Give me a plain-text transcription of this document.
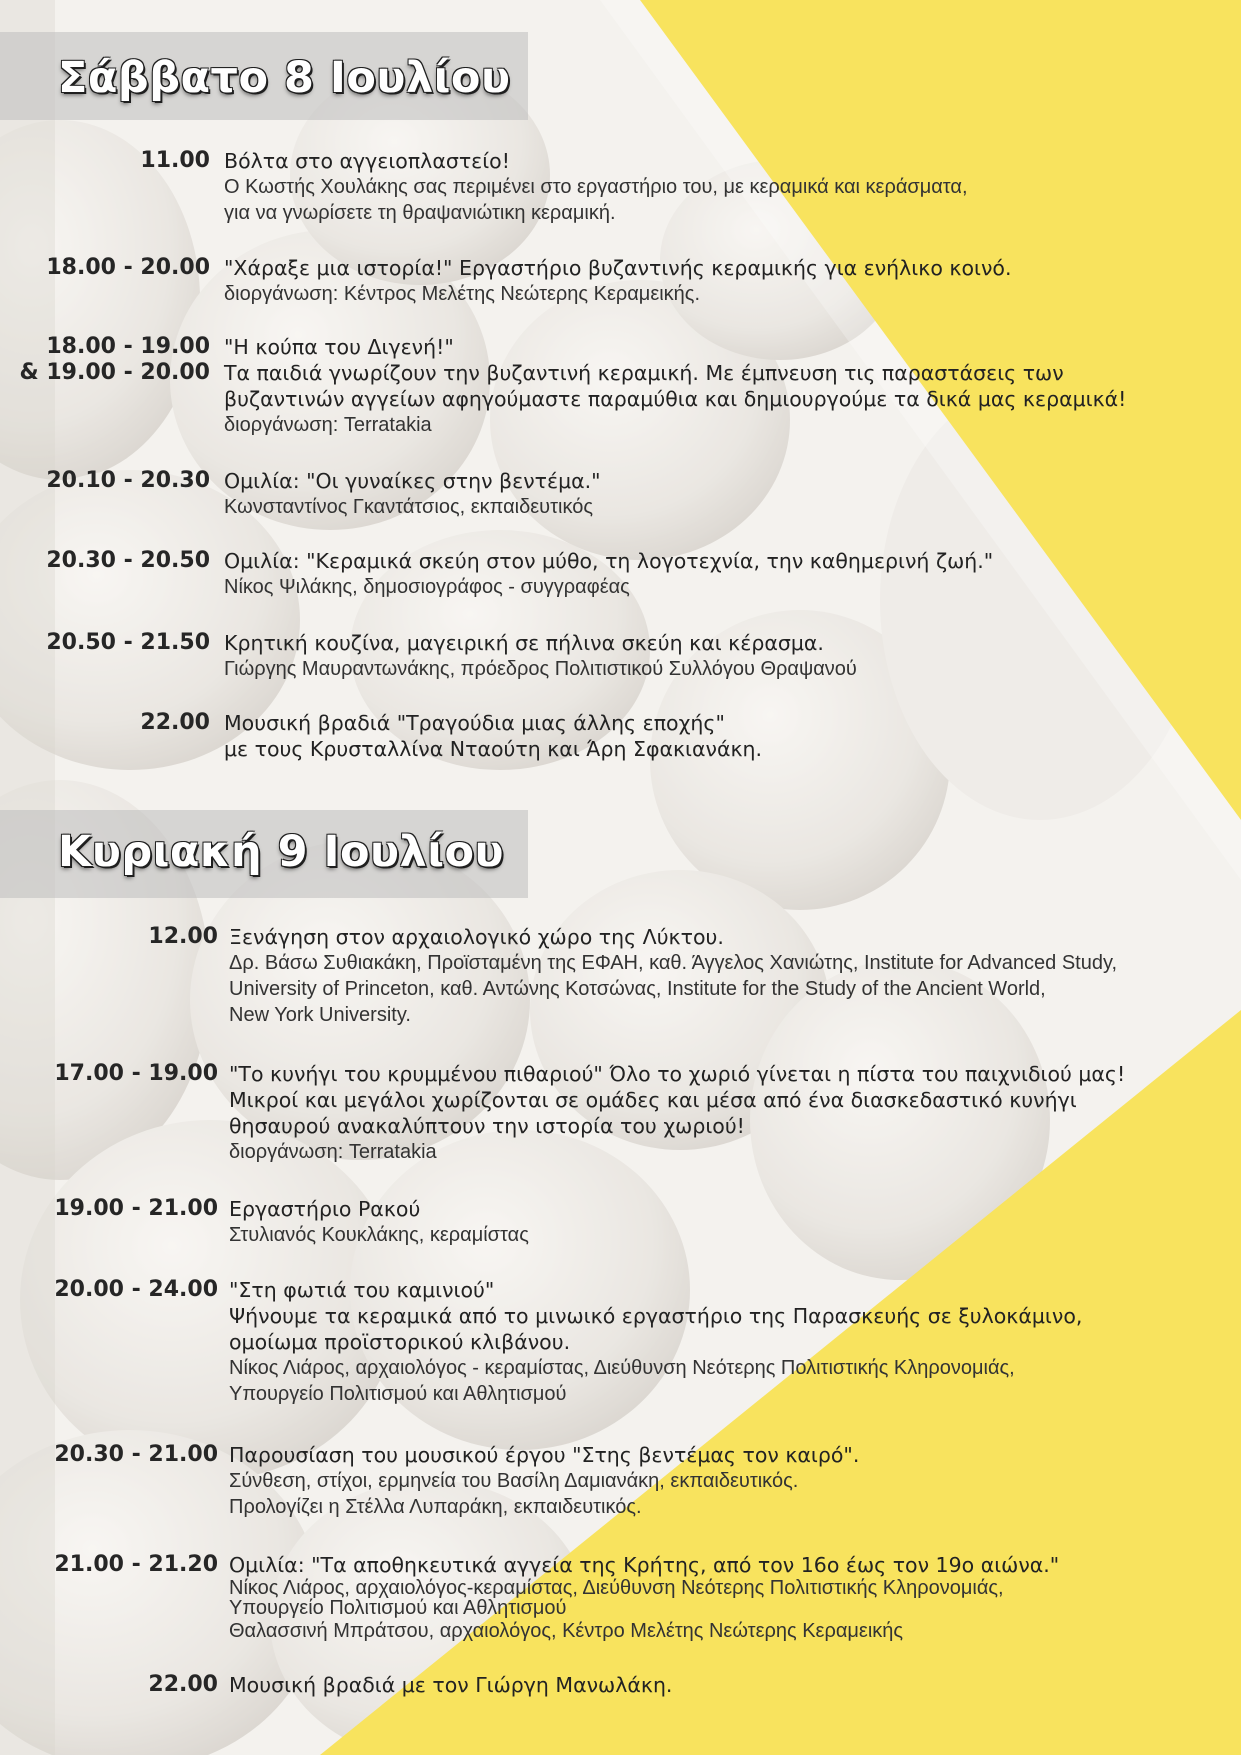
Σάββατο 8 Ιουλίου
Κυριακή 9 Ιουλίου
11.00 Βόλτα στο αγγειοπλαστείο!
Ο Κωστής Χουλάκης σας περιμένει στο εργαστήριο του, με κεραμικά και κεράσματα,
για να γνωρίσετε τη θραψανιώτικη κεραμική.
18.00 - 20.00 "Χάραξε μια ιστορία!" Εργαστήριο βυζαντινής κεραμικής για ενήλικο κοινό.
διοργάνωση: Κέντρος Μελέτης Νεώτερης Κεραμεικής.
18.00 - 19.00
& 19.00 - 20.00
"Η κούπα του Διγενή!"
Τα παιδιά γνωρίζουν την βυζαντινή κεραμική. Με έμπνευση τις παραστάσεις των
βυζαντινών αγγείων αφηγούμαστε παραμύθια και δημιουργούμε τα δικά μας κεραμικά!
διοργάνωση: Terratakia
20.10 - 20.30 Ομιλία: "Οι γυναίκες στην βεντέμα."
Κωνσταντίνος Γκαντάτσιος, εκπαιδευτικός
20.30 - 20.50 Ομιλία: "Κεραμικά σκεύη στον μύθο, τη λογοτεχνία, την καθημερινή ζωή."
Νίκος Ψιλάκης, δημοσιογράφος - συγγραφέας
20.50 - 21.50 Κρητική κουζίνα, μαγειρική σε πήλινα σκεύη και κέρασμα.
Γιώργης Μαυραντωνάκης, πρόεδρος Πολιτιστικού Συλλόγου Θραψανού
22.00 Μουσική βραδιά "Τραγούδια μιας άλλης εποχής"
με τους Κρυσταλλίνα Νταούτη και Άρη Σφακιανάκη.
12.00 Ξενάγηση στον αρχαιολογικό χώρο της Λύκτου.
Δρ. Βάσω Συθιακάκη, Προϊσταμένη της ΕΦΑΗ, καθ. Άγγελος Χανιώτης, Institute for Advanced Study,
University of Princeton, καθ. Αντώνης Κοτσώνας, Institute for the Study of the Ancient World,
New York University.
17.00 - 19.00 "Το κυνήγι του κρυμμένου πιθαριού" Όλο το χωριό γίνεται η πίστα του παιχνιδιού μας!
Μικροί και μεγάλοι χωρίζονται σε ομάδες και μέσα από ένα διασκεδαστικό κυνήγι
θησαυρού ανακαλύπτουν την ιστορία του χωριού!
διοργάνωση: Terratakia
19.00 - 21.00 Εργαστήριο Ρακού
Στυλιανός Κουκλάκης, κεραμίστας
20.00 - 24.00 "Στη φωτιά του καμινιού"
Ψήνουμε τα κεραμικά από το μινωικό εργαστήριο της Παρασκευής σε ξυλοκάμινο,
ομοίωμα προϊστορικού κλιβάνου.
Νίκος Λιάρος, αρχαιολόγος - κεραμίστας, Διεύθυνση Νεότερης Πολιτιστικής Κληρονομιάς,
Υπουργείο Πολιτισμού και Αθλητισμού
20.30 - 21.00 Παρουσίαση του μουσικού έργου "Στης βεντέμας τον καιρό".
Σύνθεση, στίχοι, ερμηνεία του Βασίλη Δαμιανάκη, εκπαιδευτικός.
Προλογίζει η Στέλλα Λυπαράκη, εκπαιδευτικός.
21.00 - 21.20 Ομιλία: "Τα αποθηκευτικά αγγεία της Κρήτης, από τον 16ο έως τον 19ο αιώνα."
Νίκος Λιάρος, αρχαιολόγος-κεραμίστας, Διεύθυνση Νεότερης Πολιτιστικής Κληρονομιάς,
Υπουργείο Πολιτισμού και Αθλητισμού
Θαλασσινή Μπράτσου, αρχαιολόγος, Κέντρο Μελέτης Νεώτερης Κεραμεικής
22.00 Μουσική βραδιά με τον Γιώργη Μανωλάκη.
